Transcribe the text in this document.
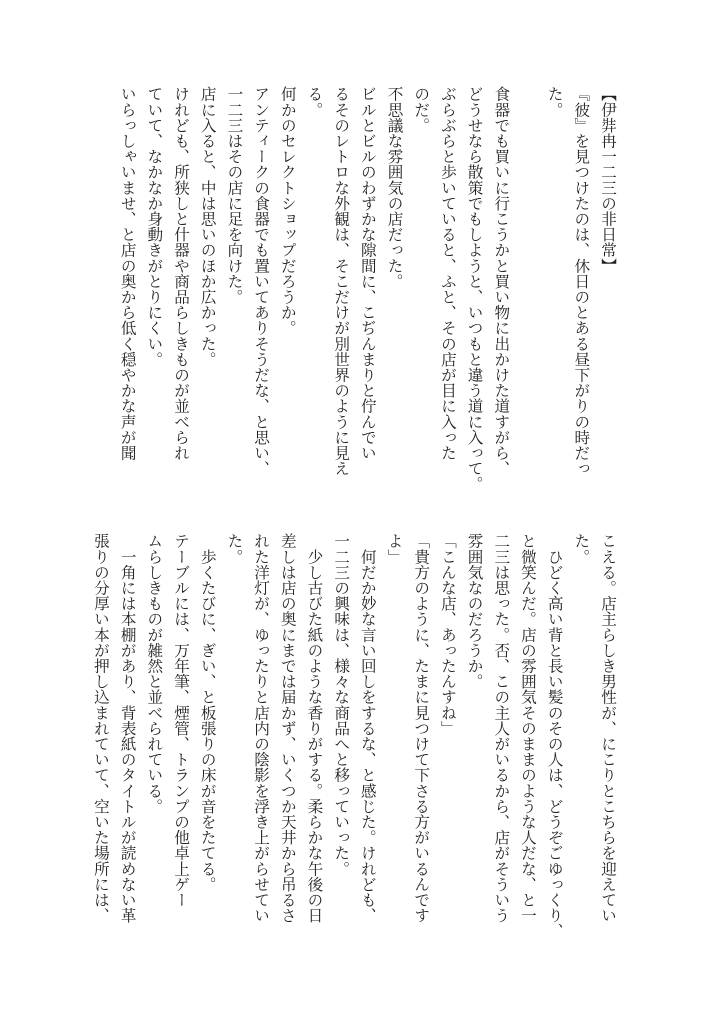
【伊弉冉一二三の非日常】
『彼』を見つけたのは、休日のとある昼下がりの時だっ
た。
食器でも買いに行こうかと買い物に出かけた道すがら、
どうせなら散策でもしようと、いつもと違う道に入って。
ぶらぶらと歩いていると、ふと、その店が目に入った
のだ。
不思議な雰囲気の店だった。
ビルとビルのわずかな隙間に、こぢんまりと佇んでい
るそのレトロな外観は、そこだけが別世界のように見え
る。
何かのセレクトショップだろうか。
アンティークの食器でも置いてありそうだな、と思い、
一二三はその店に足を向けた。
店に入ると、中は思いのほか広かった。
けれども、所狭しと什器や商品らしきものが並べられ
ていて、なかなか身動きがとりにくい。
いらっしゃいませ、と店の奥から低く穏やかな声が聞
こえる。店主らしき男性が、にこりとこちらを迎えてい
た。
　ひどく高い背と長い髪のその人は、どうぞごゆっくり、
と微笑んだ。店の雰囲気そのままのような人だな、と一
二三は思った。否、この主人がいるから、店がそういう
雰囲気なのだろうか。
「こんな店、あったんすね」
「貴方のように、たまに見つけて下さる方がいるんです
よ」
　何だか妙な言い回しをするな、と感じた。けれども、
一二三の興味は、様々な商品へと移っていった。
　少し古びた紙のような香りがする。柔らかな午後の日
差しは店の奥にまでは届かず、いくつか天井から吊るさ
れた洋灯が、ゆったりと店内の陰影を浮き上がらせてい
た。
　歩くたびに、ぎい、と板張りの床が音をたてる。
テーブルには、万年筆、煙管、トランプの他卓上ゲー
ムらしきものが雑然と並べられている。
　一角には本棚があり、背表紙のタイトルが読めない革
張りの分厚い本が押し込まれていて、空いた場所には、
